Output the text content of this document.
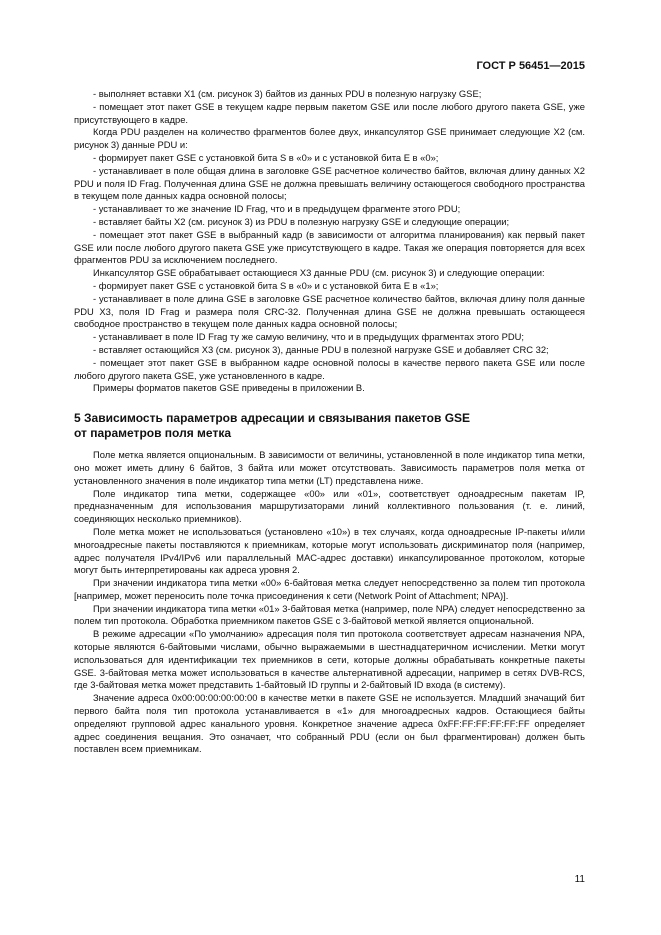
ГОСТ Р 56451—2015

- выполняет вставки X1 (см. рисунок 3) байтов из данных PDU в полезную нагрузку GSE;

- помещает этот пакет GSE в текущем кадре первым пакетом GSE или после любого другого пакета GSE, уже присутствующего в кадре.

Когда PDU разделен на количество фрагментов более двух, инкапсулятор GSE принимает следующие X2 (см. рисунок 3) данные PDU и:

- формирует пакет GSE с установкой бита S в «0» и с установкой бита E в «0»;

- устанавливает в поле общая длина в заголовке GSE расчетное количество байтов, включая длину данных X2 PDU и поля ID Frag. Полученная длина GSE не должна превышать величину остающегося свободного пространства в текущем поле данных кадра основной полосы;

- устанавливает то же значение ID Frag, что и в предыдущем фрагменте этого PDU;

- вставляет байты X2 (см. рисунок 3) из PDU в полезную нагрузку GSE и следующие операции;

- помещает этот пакет GSE в выбранный кадр (в зависимости от алгоритма планирования) как первый пакет GSE или после любого другого пакета GSE уже присутствующего в кадре. Такая же операция повторяется для всех фрагментов PDU за исключением последнего.

Инкапсулятор GSE обрабатывает остающиеся X3 данные PDU (см. рисунок 3) и следующие операции:

- формирует пакет GSE с установкой бита S в «0» и с установкой бита E в «1»;

- устанавливает в поле длина GSE в заголовке GSE расчетное количество байтов, включая длину поля данные PDU X3, поля ID Frag и размера поля CRC-32. Полученная длина GSE не должна превышать остающееся свободное пространство в текущем поле данных кадра основной полосы;

- устанавливает в поле ID Frag ту же самую величину, что и в предыдущих фрагментах этого PDU;

- вставляет остающийся X3 (см. рисунок 3), данные PDU в полезной нагрузке GSE и добавляет CRC 32;

- помещает этот пакет GSE в выбранном кадре основной полосы в качестве первого пакета GSE или после любого другого пакета GSE, уже установленного в кадре.

Примеры форматов пакетов GSE приведены в приложении В.

5 Зависимость параметров адресации и связывания пакетов GSE
от параметров поля метка

Поле метка является опциональным. В зависимости от величины, установленной в поле индикатор типа метки, оно может иметь длину 6 байтов, 3 байта или может отсутствовать. Зависимость параметров поля метка от установленного значения в поле индикатор типа метки (LT) представлена ниже.

Поле индикатор типа метки, содержащее «00» или «01», соответствует одноадресным пакетам IP, предназначенным для использования маршрутизаторами линий коллективного пользования (т. е. линий, соединяющих несколько приемников).

Поле метка может не использоваться (установлено «10») в тех случаях, когда одноадресные IP-пакеты и/или многоадресные пакеты поставляются к приемникам, которые могут использовать дискриминатор поля (например, адрес получателя IPv4/IPv6 или параллельный MAC-адрес доставки) инкапсулированное протоколом, которые могут быть интерпретированы как адреса уровня 2.

При значении индикатора типа метки «00» 6-байтовая метка следует непосредственно за полем тип протокола [например, может переносить поле точка присоединения к сети (Network Point of Attachment; NPA)].

При значении индикатора типа метки «01» 3-байтовая метка (например, поле NPA) следует непосредственно за полем тип протокола. Обработка приемником пакетов GSE с 3-байтовой меткой является опциональной.

В режиме адресации «По умолчанию» адресация поля тип протокола соответствует адресам назначения NPA, которые являются 6-байтовыми числами, обычно выражаемыми в шестнадцатеричном исчислении. Метки могут использоваться для идентификации тех приемников в сети, которые должны обрабатывать конкретные пакеты GSE. 3-байтовая метка может использоваться в качестве альтернативной адресации, например в сетях DVB-RCS, где 3-байтовая метка может представить 1-байтовый ID группы и 2-байтовый ID входа (в систему).

Значение адреса 0x00:00:00:00:00:00 в качестве метки в пакете GSE не используется. Младший значащий бит первого байта поля тип протокола устанавливается в «1» для многоадресных кадров. Остающиеся байты определяют групповой адрес канального уровня. Конкретное значение адреса 0xFF:FF:FF:FF:FF:FF определяет адрес соединения вещания. Это означает, что собранный PDU (если он был фрагментирован) должен быть поставлен всем приемникам.

11
